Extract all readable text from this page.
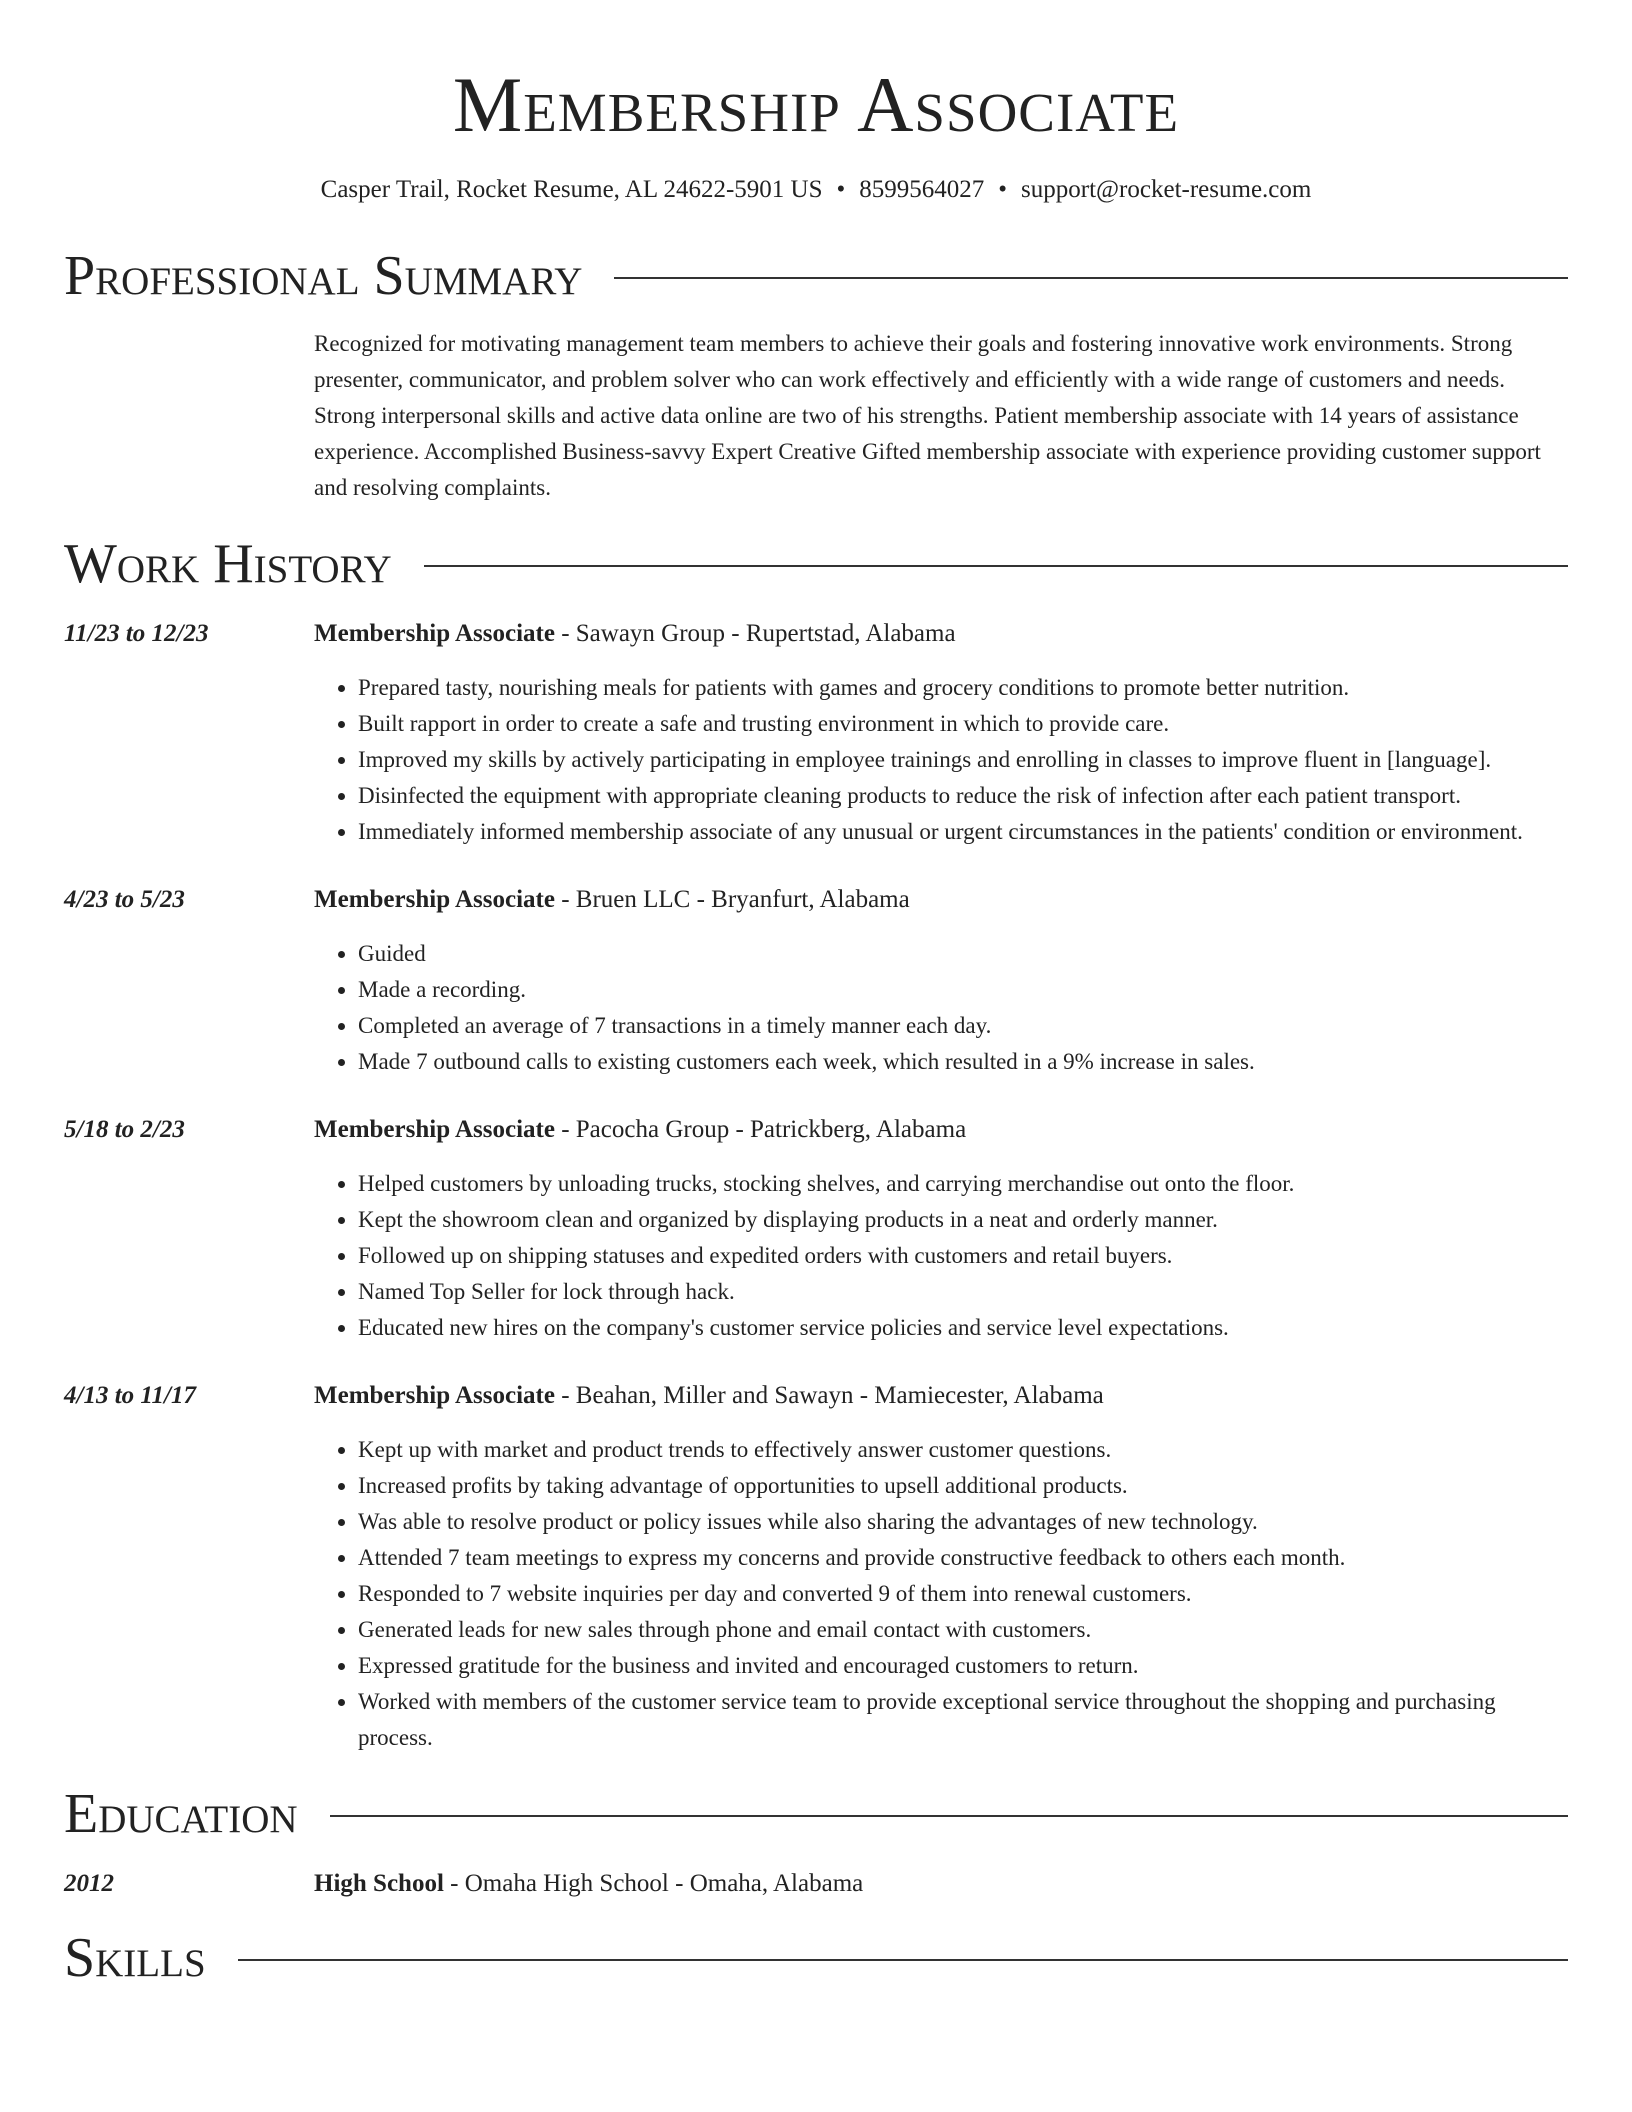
Membership Associate
Casper Trail, Rocket Resume, AL 24622-5901 US • 8599564027 • support@rocket-resume.com
Professional Summary
Recognized for motivating management team members to achieve their goals and fostering innovative work environments. Strong presenter, communicator, and problem solver who can work effectively and efficiently with a wide range of customers and needs. Strong interpersonal skills and active data online are two of his strengths. Patient membership associate with 14 years of assistance experience. Accomplished Business-savvy Expert Creative Gifted membership associate with experience providing customer support and resolving complaints.
Work History
11/23 to 12/23	Membership Associate - Sawayn Group - Rupertstad, Alabama
• Prepared tasty, nourishing meals for patients with games and grocery conditions to promote better nutrition.
• Built rapport in order to create a safe and trusting environment in which to provide care.
• Improved my skills by actively participating in employee trainings and enrolling in classes to improve fluent in [language].
• Disinfected the equipment with appropriate cleaning products to reduce the risk of infection after each patient transport.
• Immediately informed membership associate of any unusual or urgent circumstances in the patients' condition or environment.
4/23 to 5/23	Membership Associate - Bruen LLC - Bryanfurt, Alabama
• Guided
• Made a recording.
• Completed an average of 7 transactions in a timely manner each day.
• Made 7 outbound calls to existing customers each week, which resulted in a 9% increase in sales.
5/18 to 2/23	Membership Associate - Pacocha Group - Patrickberg, Alabama
• Helped customers by unloading trucks, stocking shelves, and carrying merchandise out onto the floor.
• Kept the showroom clean and organized by displaying products in a neat and orderly manner.
• Followed up on shipping statuses and expedited orders with customers and retail buyers.
• Named Top Seller for lock through hack.
• Educated new hires on the company's customer service policies and service level expectations.
4/13 to 11/17	Membership Associate - Beahan, Miller and Sawayn - Mamiecester, Alabama
• Kept up with market and product trends to effectively answer customer questions.
• Increased profits by taking advantage of opportunities to upsell additional products.
• Was able to resolve product or policy issues while also sharing the advantages of new technology.
• Attended 7 team meetings to express my concerns and provide constructive feedback to others each month.
• Responded to 7 website inquiries per day and converted 9 of them into renewal customers.
• Generated leads for new sales through phone and email contact with customers.
• Expressed gratitude for the business and invited and encouraged customers to return.
• Worked with members of the customer service team to provide exceptional service throughout the shopping and purchasing process.
Education
2012	High School - Omaha High School - Omaha, Alabama
Skills
